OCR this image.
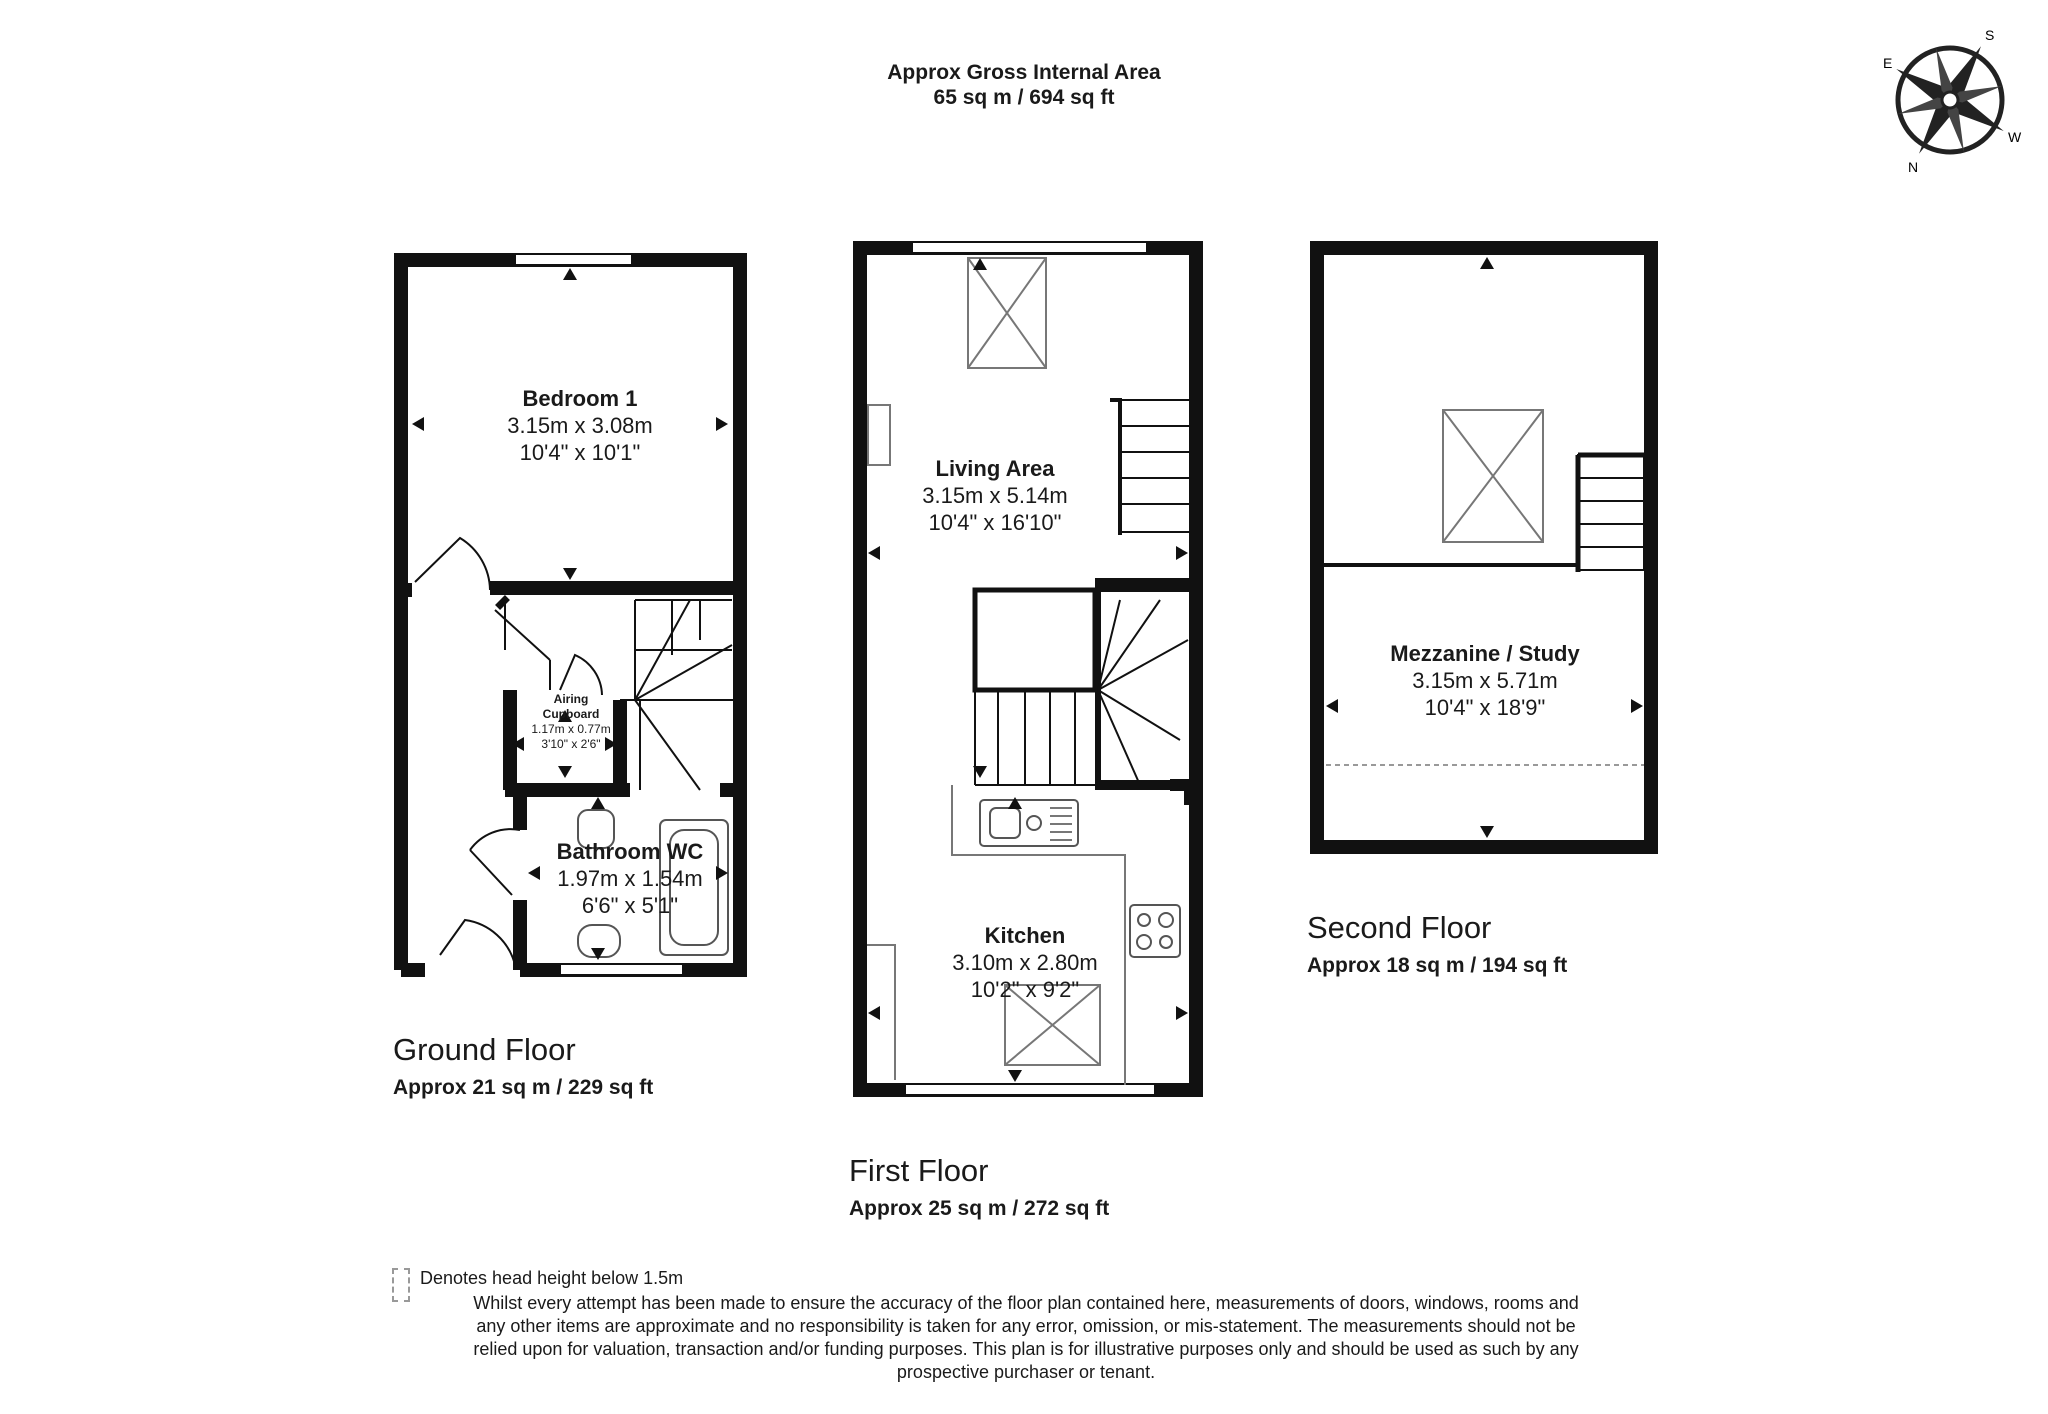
Approx Gross Internal Area
65 sq m / 694 sq ft
S
E
N
W
Bedroom 1
3.15m x 3.08m
10'4" x 10'1"
Airing
Cupboard
1.17m x 0.77m
3'10" x 2'6"
Bathroom WC
1.97m x 1.54m
6'6" x 5'1"
Living Area
3.15m x 5.14m
10'4" x 16'10"
Kitchen
3.10m x 2.80m
10'2" x 9'2"
Mezzanine / Study
3.15m x 5.71m
10'4" x 18'9"
Ground Floor
Approx 21 sq m / 229 sq ft
First Floor
Approx 25 sq m / 272 sq ft
Second Floor
Approx 18 sq m / 194 sq ft
Denotes head height below 1.5m
Whilst every attempt has been made to ensure the accuracy of the floor plan contained here, measurements of doors, windows, rooms and
any other items are approximate and no responsibility is taken for any error, omission, or mis-statement. The measurements should not be
relied upon for valuation, transaction and/or funding purposes. This plan is for illustrative purposes only and should be used as such by any
prospective purchaser or tenant.
